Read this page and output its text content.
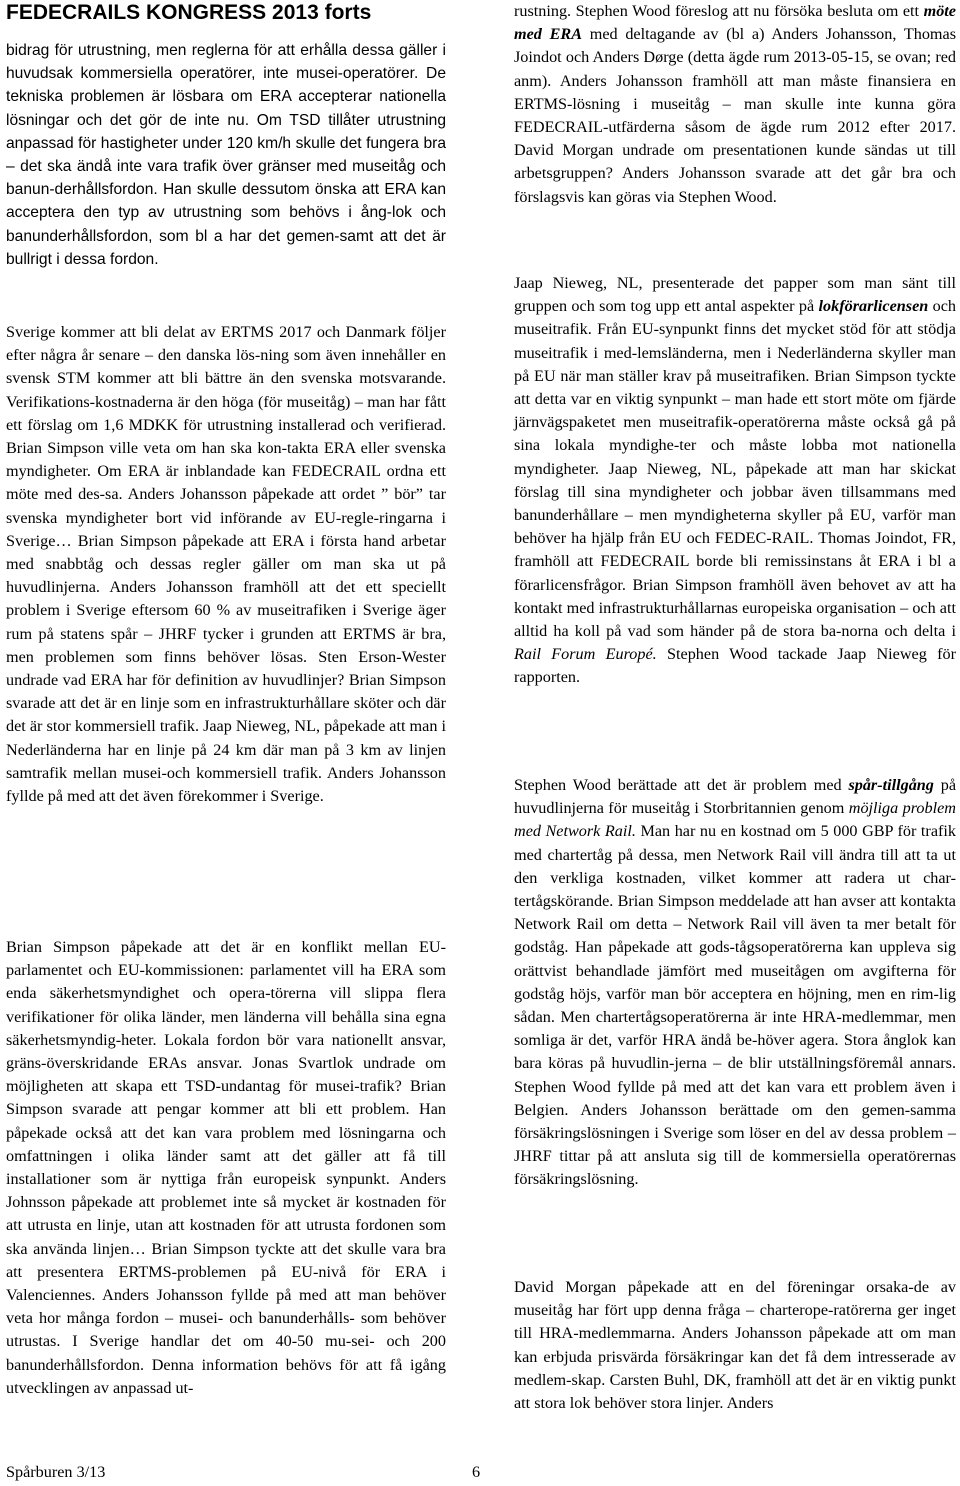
FEDECRAILS KONGRESS 2013 forts
bidrag för utrustning, men reglerna för att erhålla dessa gäller i huvudsak kommersiella operatörer, inte musei-operatörer. De tekniska problemen är lösbara om ERA accepterar nationella lösningar och det gör de inte nu. Om TSD tillåter utrustning anpassad för hastigheter under 120 km/h skulle det fungera bra – det ska ändå inte vara trafik över gränser med museitåg och banun-derhållsfordon. Han skulle dessutom önska att ERA kan acceptera den typ av utrustning som behövs i ång-lok och banunderhållsfordon, som bl a har det gemen-samt att det är bullrigt i dessa fordon.
Sverige kommer att bli delat av ERTMS 2017 och Danmark följer efter några år senare – den danska lös-ning som även innehåller en svensk STM kommer att bli bättre än den svenska motsvarande. Verifikations-kostnaderna är den höga (för museitåg) – man har fått ett förslag om 1,6 MDKK för utrustning installerad och verifierad. Brian Simpson ville veta om han ska kon-takta ERA eller svenska myndigheter. Om ERA är inblandade kan FEDECRAIL ordna ett möte med des-sa. Anders Johansson påpekade att ordet ” bör” tar svenska myndigheter bort vid införande av EU-regle-ringarna i Sverige… Brian Simpson påpekade att ERA i första hand arbetar med snabbtåg och dessas regler gäller om man ska ut på huvudlinjerna. Anders Johansson framhöll att det ett speciellt problem i Sverige eftersom 60 % av museitrafiken i Sverige äger rum på statens spår – JHRF tycker i grunden att ERTMS är bra, men problemen som finns behöver lösas. Sten Erson-Wester undrade vad ERA har för definition av huvudlinjer? Brian Simpson svarade att det är en linje som en infrastrukturhållare sköter och där det är stor kommersiell trafik. Jaap Nieweg, NL, påpekade att man i Nederländerna har en linje på 24 km där man på 3 km av linjen samtrafik mellan musei-och kommersiell trafik. Anders Johansson fyllde på med att det även förekommer i Sverige.
Brian Simpson påpekade att det är en konflikt mellan EU-parlamentet och EU-kommissionen: parlamentet vill ha ERA som enda säkerhetsmyndighet och opera-törerna vill slippa flera verifikationer för olika länder, men länderna vill behålla sina egna säkerhetsmyndig-heter. Lokala fordon bör vara nationellt ansvar, gräns-överskridande ERAs ansvar. Jonas Svartlok undrade om möjligheten att skapa ett TSD-undantag för musei-trafik? Brian Simpson svarade att pengar kommer att bli ett problem. Han påpekade också att det kan vara problem med lösningarna och omfattningen i olika länder samt att det gäller att få till installationer som är nyttiga från europeisk synpunkt. Anders Johnsson påpekade att problemet inte så mycket är kostnaden för att utrusta en linje, utan att kostnaden för att utrusta fordonen som ska använda linjen… Brian Simpson tyckte att det skulle vara bra att presentera ERTMS-problemen på EU-nivå för ERA i Valenciennes. Anders Johansson fyllde på med att man behöver veta hor många fordon – musei- och banunderhålls- som behöver utrustas. I Sverige handlar det om 40-50 mu-sei- och 200 banunderhållsfordon. Denna information behövs för att få igång utvecklingen av anpassad ut-
rustning. Stephen Wood föreslog att nu försöka besluta om ett möte med ERA med deltagande av (bl a) Anders Johansson, Thomas Joindot och Anders Dørge (detta ägde rum 2013-05-15, se ovan; red anm). Anders Johansson framhöll att man måste finansiera en ERTMS-lösning i museitåg – man skulle inte kunna göra FEDECRAIL-utfärderna såsom de ägde rum 2012 efter 2017. David Morgan undrade om presentationen kunde sändas ut till arbetsgruppen? Anders Johansson svarade att det går bra och förslagsvis kan göras via Stephen Wood.
Jaap Nieweg, NL, presenterade det papper som man sänt till gruppen och som tog upp ett antal aspekter på lokförarlicensen och museitrafik. Från EU-synpunkt finns det mycket stöd för att stödja museitrafik i med-lemsländerna, men i Nederländerna skyller man på EU när man ställer krav på museitrafiken. Brian Simpson tyckte att detta var en viktig synpunkt – man hade ett stort möte om fjärde järnvägspaketet men museitrafik-operatörerna måste också gå på sina lokala myndighe-ter och måste lobba mot nationella myndigheter. Jaap Nieweg, NL, påpekade att man har skickat förslag till sina myndigheter och jobbar även tillsammans med banunderhållare – men myndigheterna skyller på EU, varför man behöver ha hjälp från EU och FEDEC-RAIL. Thomas Joindot, FR, framhöll att FEDECRAIL borde bli remissinstans åt ERA i bl a förarlicensfrågor. Brian Simpson framhöll även behovet av att ha kontakt med infrastrukturhållarnas europeiska organisation – och att alltid ha koll på vad som händer på de stora ba-norna och delta i Rail Forum Europé. Stephen Wood tackade Jaap Nieweg för rapporten.
Stephen Wood berättade att det är problem med spår-tillgång på huvudlinjerna för museitåg i Storbritannien genom möjliga problem med Network Rail. Man har nu en kostnad om 5 000 GBP för trafik med chartertåg på dessa, men Network Rail vill ändra till att ta ut den verkliga kostnaden, vilket kommer att radera ut char-tertågskörande. Brian Simpson meddelade att han avser att kontakta Network Rail om detta – Network Rail vill även ta mer betalt för godståg. Han påpekade att gods-tågsoperatörerna kan uppleva sig orättvist behandlade jämfört med museitågen om avgifterna för godståg höjs, varför man bör acceptera en höjning, men en rim-lig sådan. Men chartertågsoperatörerna är inte HRA-medlemmar, men somliga är det, varför HRA ändå be-höver agera. Stora ånglok kan bara köras på huvudlin-jerna – de blir utställningsföremål annars. Stephen Wood fyllde på med att det kan vara ett problem även i Belgien. Anders Johansson berättade om den gemen-samma försäkringslösningen i Sverige som löser en del av dessa problem – JHRF tittar på att ansluta sig till de kommersiella operatörernas försäkringslösning.
David Morgan påpekade att en del föreningar orsaka-de av museitåg har fört upp denna fråga – charterope-ratörerna ger inget till HRA-medlemmarna. Anders Johansson påpekade att om man kan erbjuda prisvärda försäkringar kan det få dem intresserade av medlem-skap. Carsten Buhl, DK, framhöll att det är en viktig punkt att stora lok behöver stora linjer. Anders
Spårburen 3/13	6
